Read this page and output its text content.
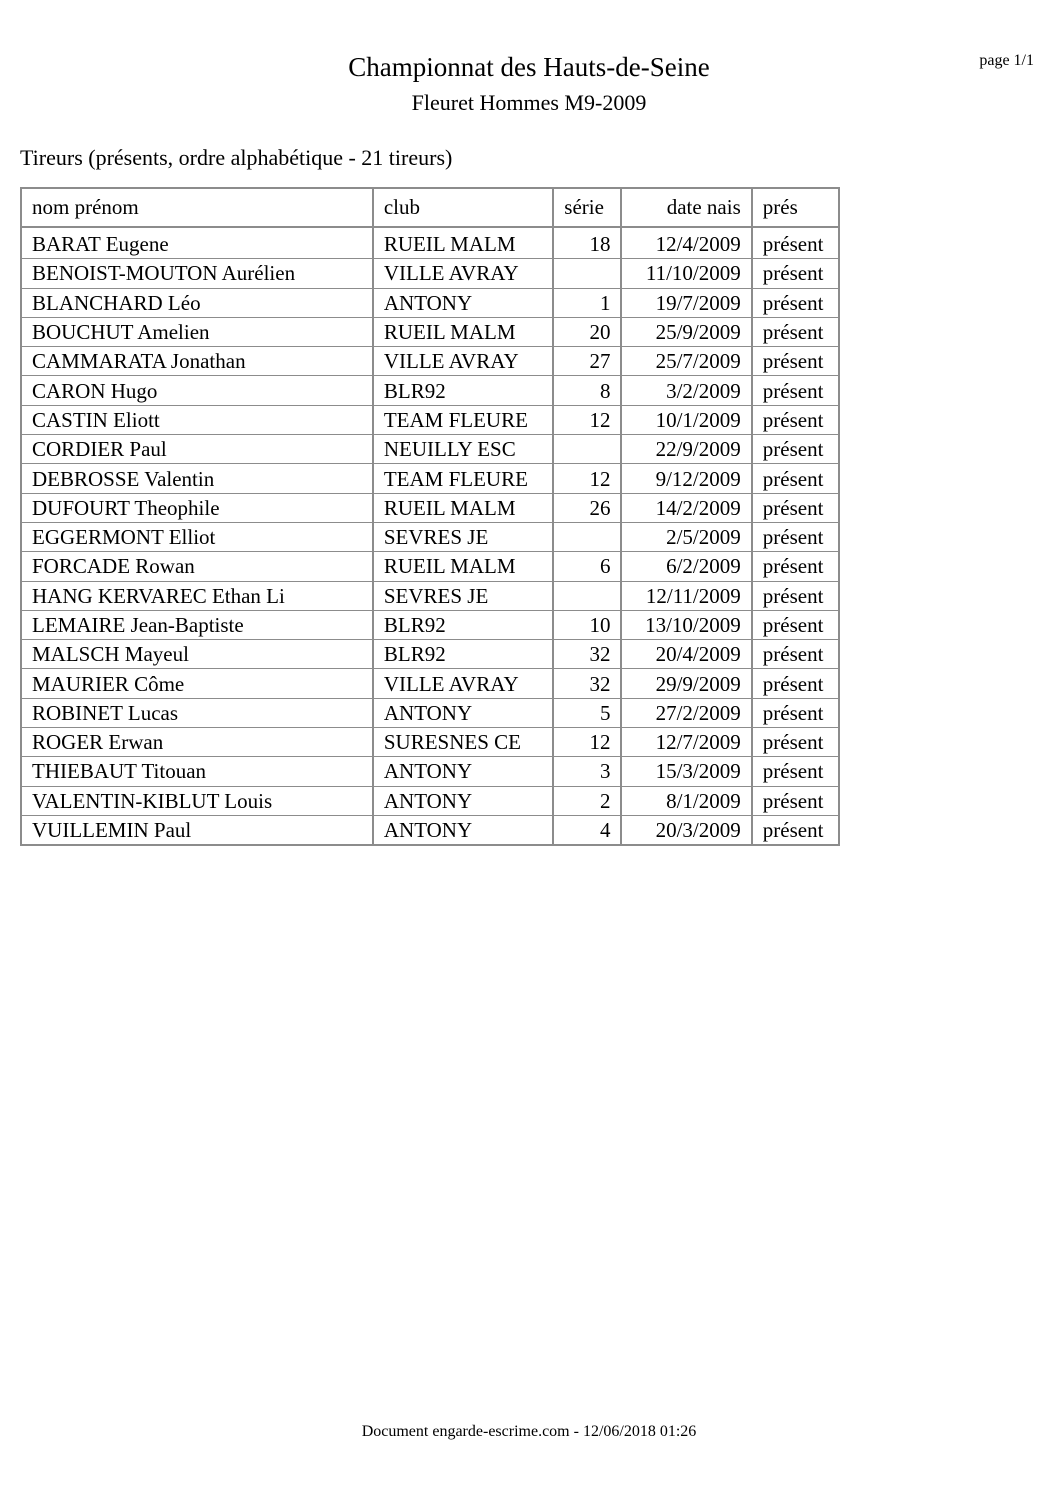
Championnat des Hauts-de-Seine
Fleuret Hommes M9-2009
page 1/1
Tireurs (présents, ordre alphabétique - 21 tireurs)
nom prénom	club	série	date nais	prés
BARAT Eugene	RUEIL MALM	18	12/4/2009	présent
BENOIST-MOUTON Aurélien	VILLE AVRAY		11/10/2009	présent
BLANCHARD Léo	ANTONY	1	19/7/2009	présent
BOUCHUT Amelien	RUEIL MALM	20	25/9/2009	présent
CAMMARATA Jonathan	VILLE AVRAY	27	25/7/2009	présent
CARON Hugo	BLR92	8	3/2/2009	présent
CASTIN Eliott	TEAM FLEURE	12	10/1/2009	présent
CORDIER Paul	NEUILLY ESC		22/9/2009	présent
DEBROSSE Valentin	TEAM FLEURE	12	9/12/2009	présent
DUFOURT Theophile	RUEIL MALM	26	14/2/2009	présent
EGGERMONT Elliot	SEVRES JE		2/5/2009	présent
FORCADE Rowan	RUEIL MALM	6	6/2/2009	présent
HANG KERVAREC Ethan Li	SEVRES JE		12/11/2009	présent
LEMAIRE Jean-Baptiste	BLR92	10	13/10/2009	présent
MALSCH Mayeul	BLR92	32	20/4/2009	présent
MAURIER Côme	VILLE AVRAY	32	29/9/2009	présent
ROBINET Lucas	ANTONY	5	27/2/2009	présent
ROGER Erwan	SURESNES CE	12	12/7/2009	présent
THIEBAUT Titouan	ANTONY	3	15/3/2009	présent
VALENTIN-KIBLUT Louis	ANTONY	2	8/1/2009	présent
VUILLEMIN Paul	ANTONY	4	20/3/2009	présent
Document engarde-escrime.com - 12/06/2018 01:26
